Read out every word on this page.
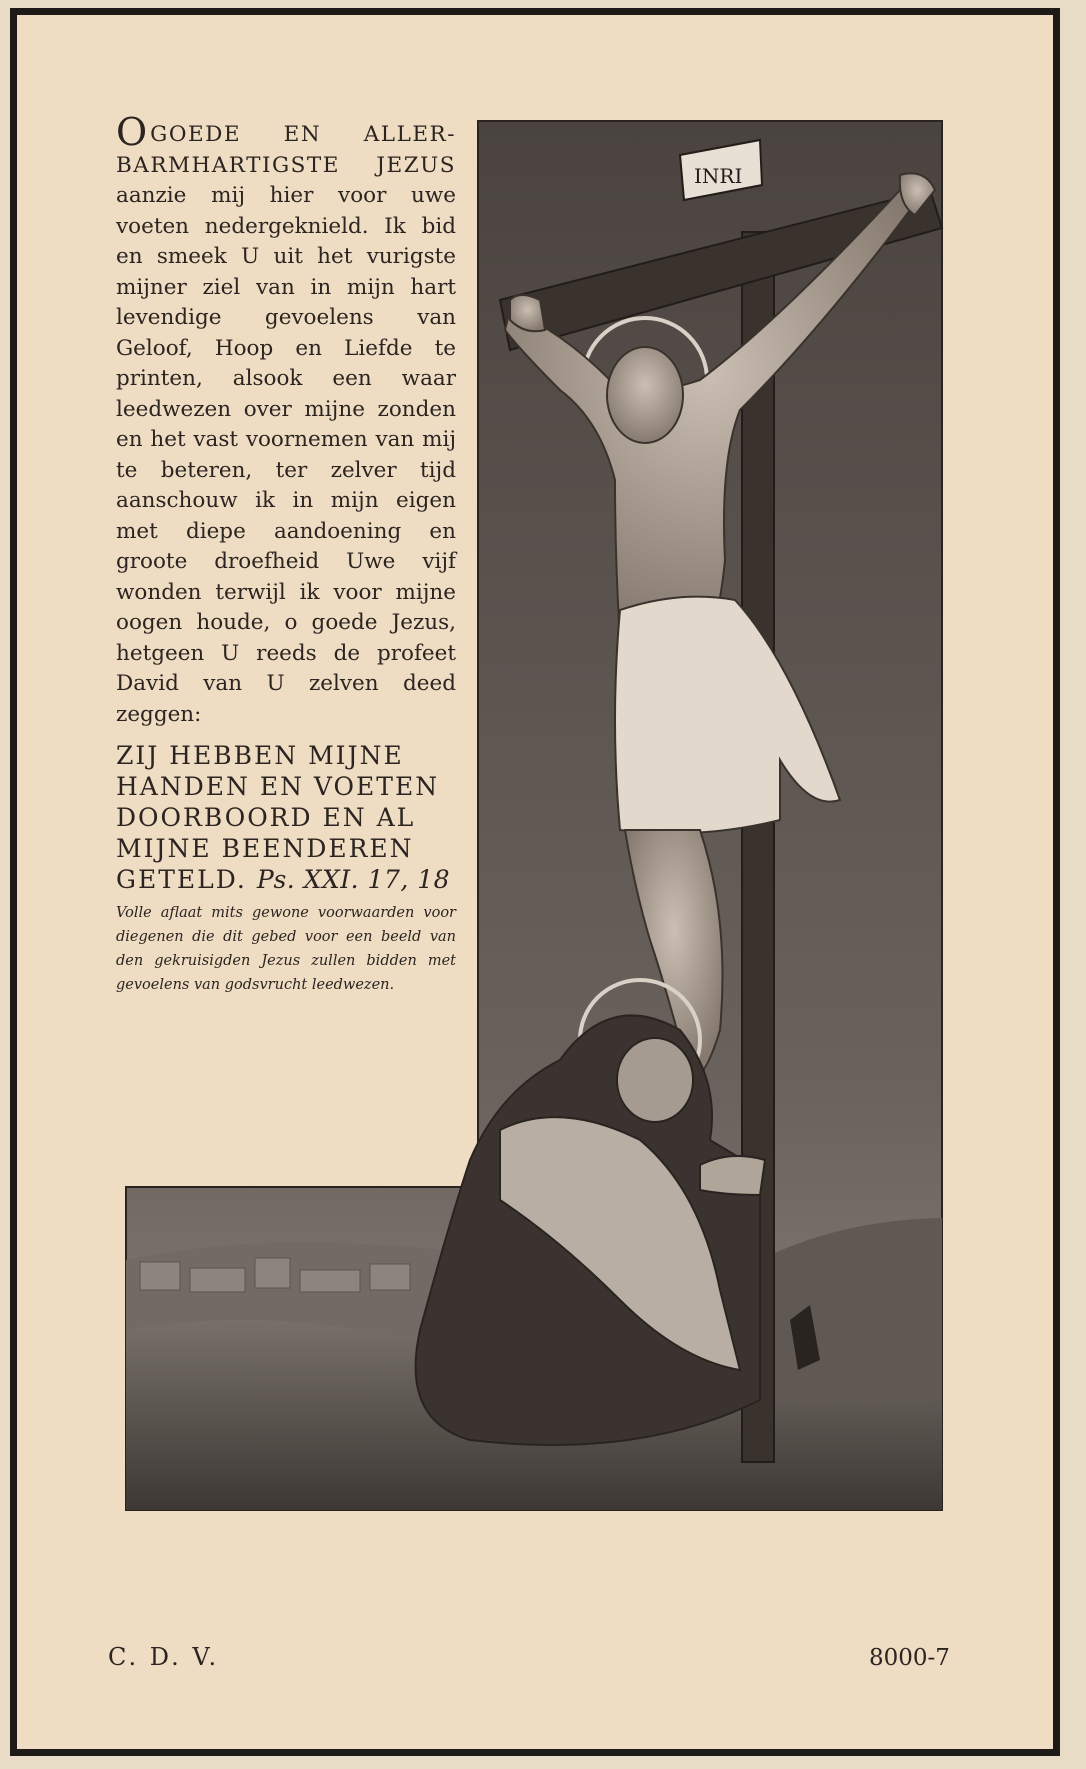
OGOEDE EN ALLER-BARMHARTIGSTE JEZUS aanzie mij hier voor uwe voeten nedergeknield. Ik bid en smeek U uit het vurigste mijner ziel van in mijn hart levendige gevoelens van Geloof, Hoop en Liefde te printen, alsook een waar leedwezen over mijne zonden en het vast voornemen van mij te beteren, ter zelver tijd aanschouw ik in mijn eigen met diepe aandoening en groote droefheid Uwe vijf wonden terwijl ik voor mijne oogen houde, o goede Jezus, hetgeen U reeds de profeet David van U zelven deed zeggen:

ZIJ HEBBEN MIJNE HANDEN EN VOETEN DOORBOORD EN AL MIJNE BEENDEREN GETELD. Ps. XXI. 17, 18

Volle aflaat mits gewone voorwaarden voor diegenen die dit gebed voor een beeld van den gekruisigden Jezus zullen bidden met gevoelens van godsvrucht leedwezen.

INRI
C. D. V.	8000-7
